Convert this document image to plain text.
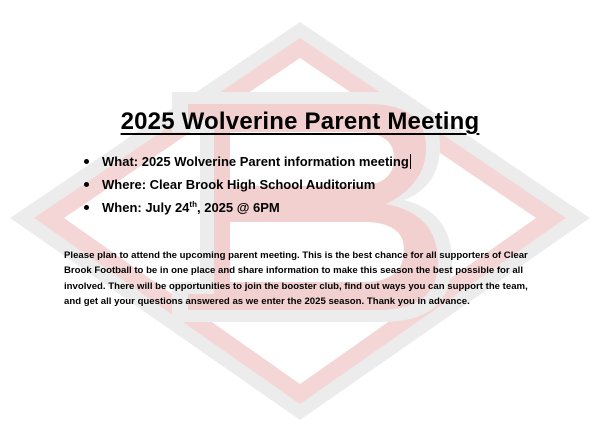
2025 Wolverine Parent Meeting
What: 2025 Wolverine Parent information meeting
Where: Clear Brook High School Auditorium
When: July 24th, 2025 @ 6PM

Please plan to attend the upcoming parent meeting. This is the best chance for all supporters of Clear Brook Football to be in one place and share information to make this season the best possible for all involved. There will be opportunities to join the booster club, find out ways you can support the team, and get all your questions answered as we enter the 2025 season. Thank you in advance.
